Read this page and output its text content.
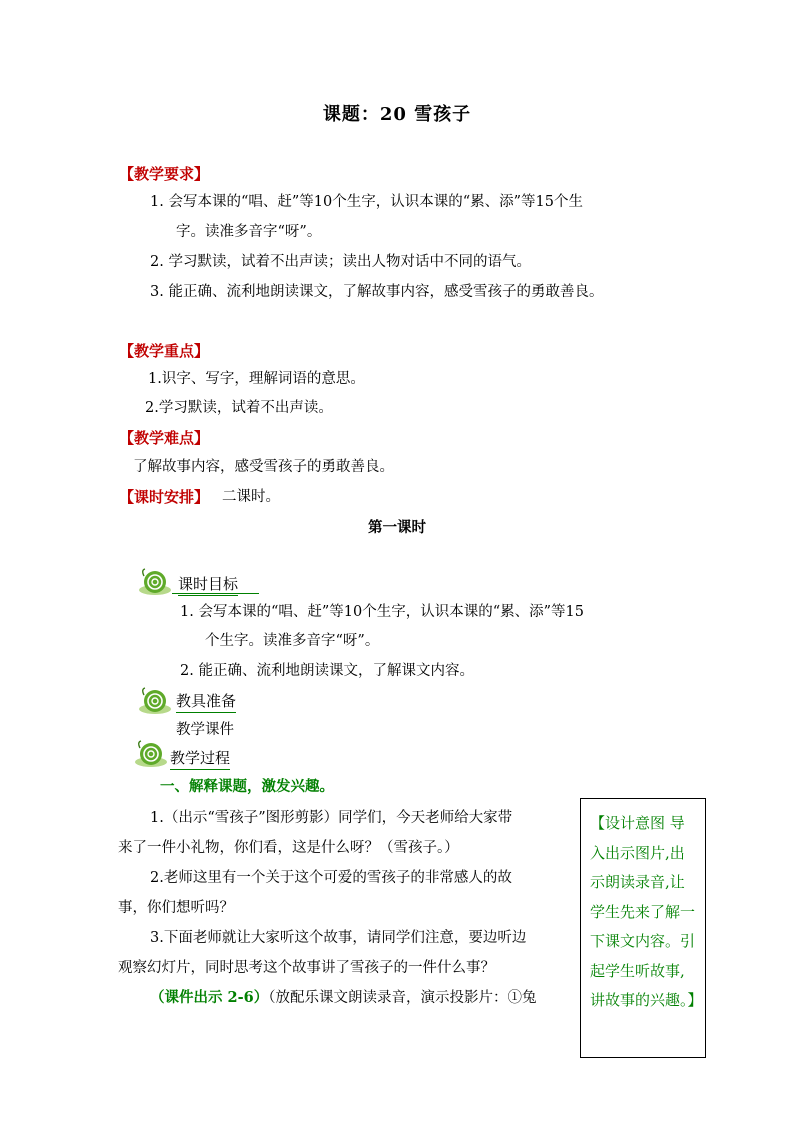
课题：20 雪孩子
【教学要求】
1. 会写本课的“唱、赶”等10个生字，认识本课的“累、添”等15个生
字。读准多音字“呀”。
2. 学习默读，试着不出声读；读出人物对话中不同的语气。
3. 能正确、流利地朗读课文，了解故事内容，感受雪孩子的勇敢善良。
【教学重点】
1.识字、写字，理解词语的意思。
2.学习默读，试着不出声读。
【教学难点】
了解故事内容，感受雪孩子的勇敢善良。
【课时安排】 二课时。
第一课时
课时目标
1. 会写本课的“唱、赶”等10个生字，认识本课的“累、添”等15
个生字。读准多音字“呀”。
2. 能正确、流利地朗读课文，了解课文内容。
教具准备
教学课件
教学过程
一、解释课题，激发兴趣。
1.（出示“雪孩子”图形剪影）同学们，今天老师给大家带
来了一件小礼物，你们看，这是什么呀？（雪孩子。）
2.老师这里有一个关于这个可爱的雪孩子的非常感人的故
事，你们想听吗？
3.下面老师就让大家听这个故事，请同学们注意，要边听边
观察幻灯片，同时思考这个故事讲了雪孩子的一件什么事？
（课件出示 2-6）（放配乐课文朗读录音，演示投影片：①兔
【设计意图 导入出示图片,出示朗读录音,让学生先来了解一下课文内容。引起学生听故事,讲故事的兴趣。】
